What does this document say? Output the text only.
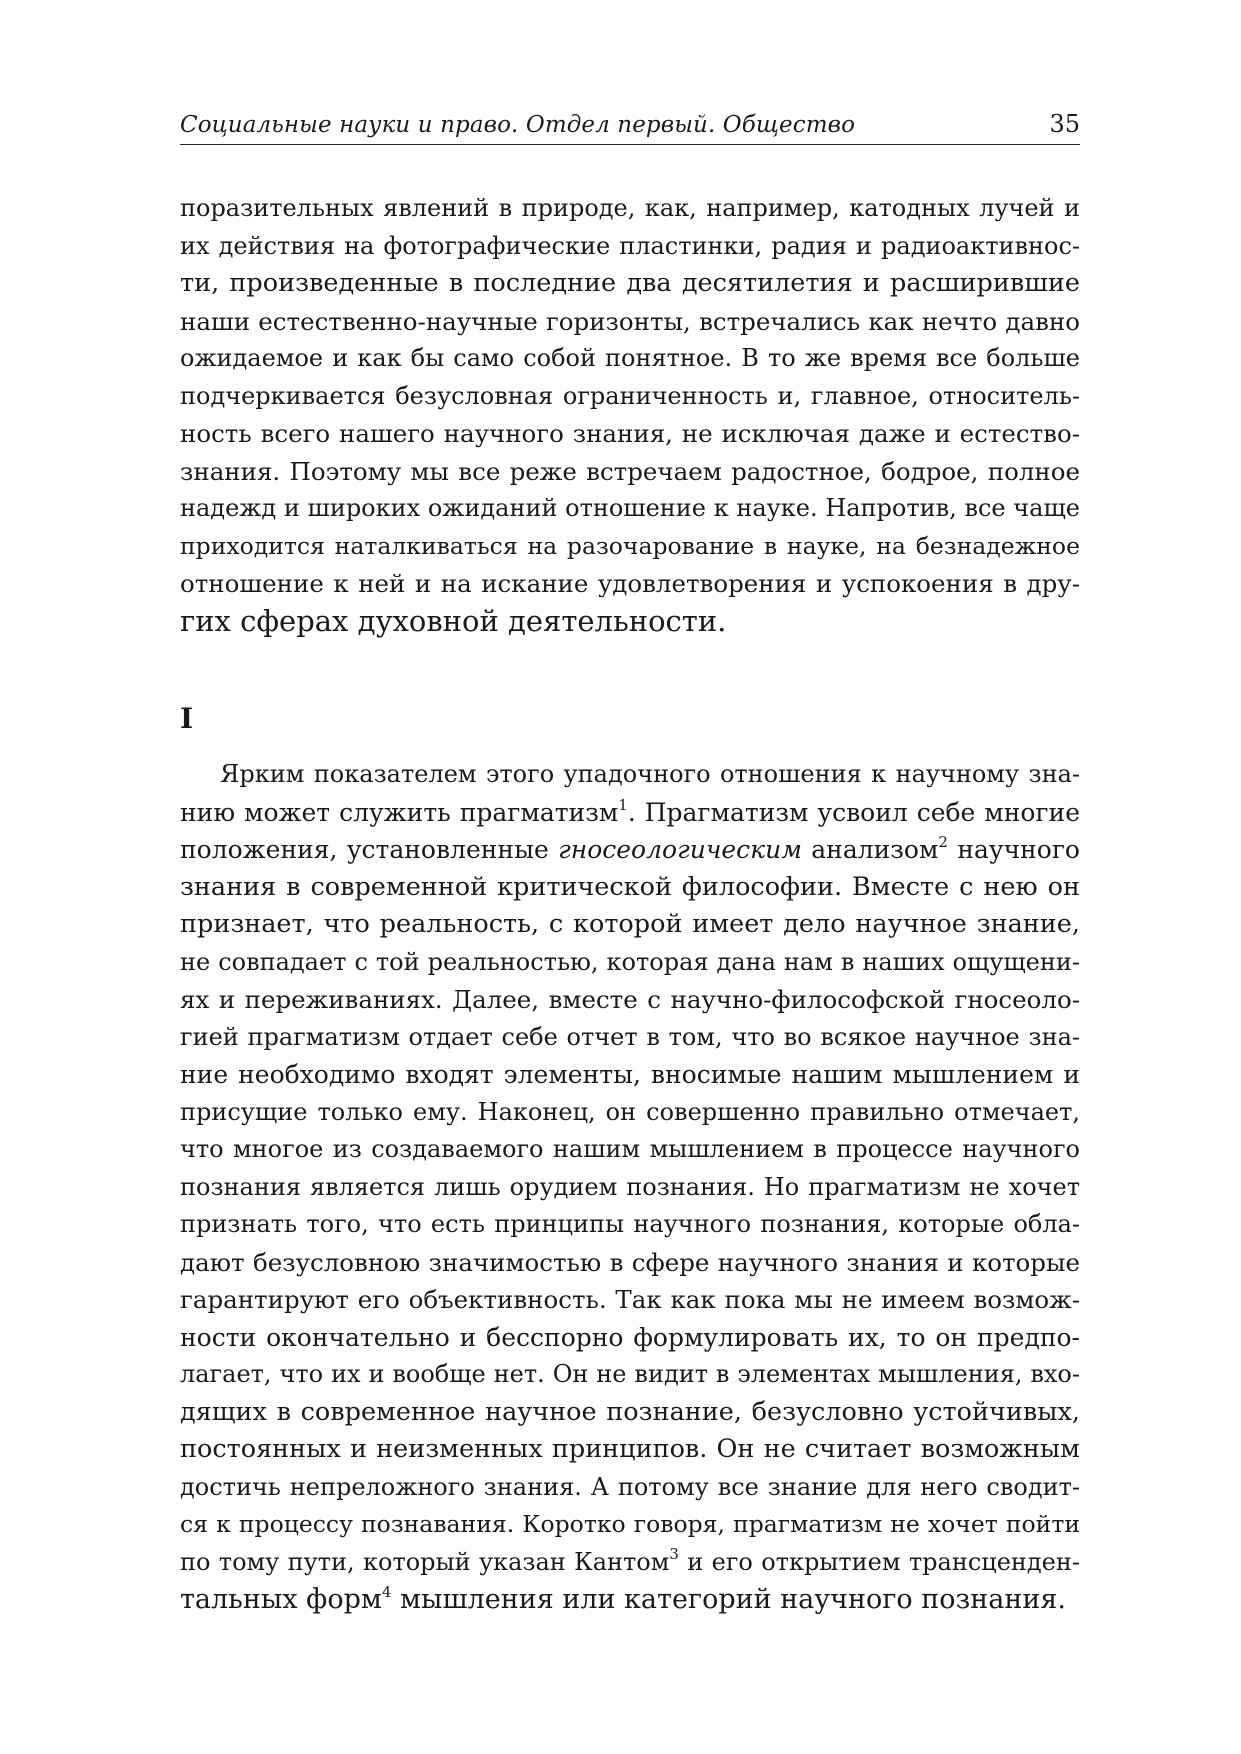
Социальные науки и право. Отдел первый. Общество	35
поразительных явлений в природе, как, например, катодных лучей и
их действия на фотографические пластинки, радия и радиоактивнос-
ти, произведенные в последние два десятилетия и расширившие
наши естественно-научные горизонты, встречались как нечто давно
ожидаемое и как бы само собой понятное. В то же время все больше
подчеркивается безусловная ограниченность и, главное, относитель-
ность всего нашего научного знания, не исключая даже и естество-
знания. Поэтому мы все реже встречаем радостное, бодрое, полное
надежд и широких ожиданий отношение к науке. Напротив, все чаще
приходится наталкиваться на разочарование в науке, на безнадежное
отношение к ней и на искание удовлетворения и успокоения в дру-
гих сферах духовной деятельности.
I
Ярким показателем этого упадочного отношения к научному зна-
нию может служить прагматизм$^1$. Прагматизм усвоил себе многие
положения, установленные гносеологическим анализом$^2$ научного
знания в современной критической философии. Вместе с нею он
признает, что реальность, с которой имеет дело научное знание,
не совпадает с той реальностью, которая дана нам в наших ощущени-
ях и переживаниях. Далее, вместе с научно-философской гносеоло-
гией прагматизм отдает себе отчет в том, что во всякое научное зна-
ние необходимо входят элементы, вносимые нашим мышлением и
присущие только ему. Наконец, он совершенно правильно отмечает,
что многое из создаваемого нашим мышлением в процессе научного
познания является лишь орудием познания. Но прагматизм не хочет
признать того, что есть принципы научного познания, которые обла-
дают безусловною значимостью в сфере научного знания и которые
гарантируют его объективность. Так как пока мы не имеем возмож-
ности окончательно и бесспорно формулировать их, то он предпо-
лагает, что их и вообще нет. Он не видит в элементах мышления, вхо-
дящих в современное научное познание, безусловно устойчивых,
постоянных и неизменных принципов. Он не считает возможным
достичь непреложного знания. А потому все знание для него сводит-
ся к процессу познавания. Коротко говоря, прагматизм не хочет пойти
по тому пути, который указан Кантом$^3$ и его открытием трансценден-
тальных форм$^4$ мышления или категорий научного познания.
